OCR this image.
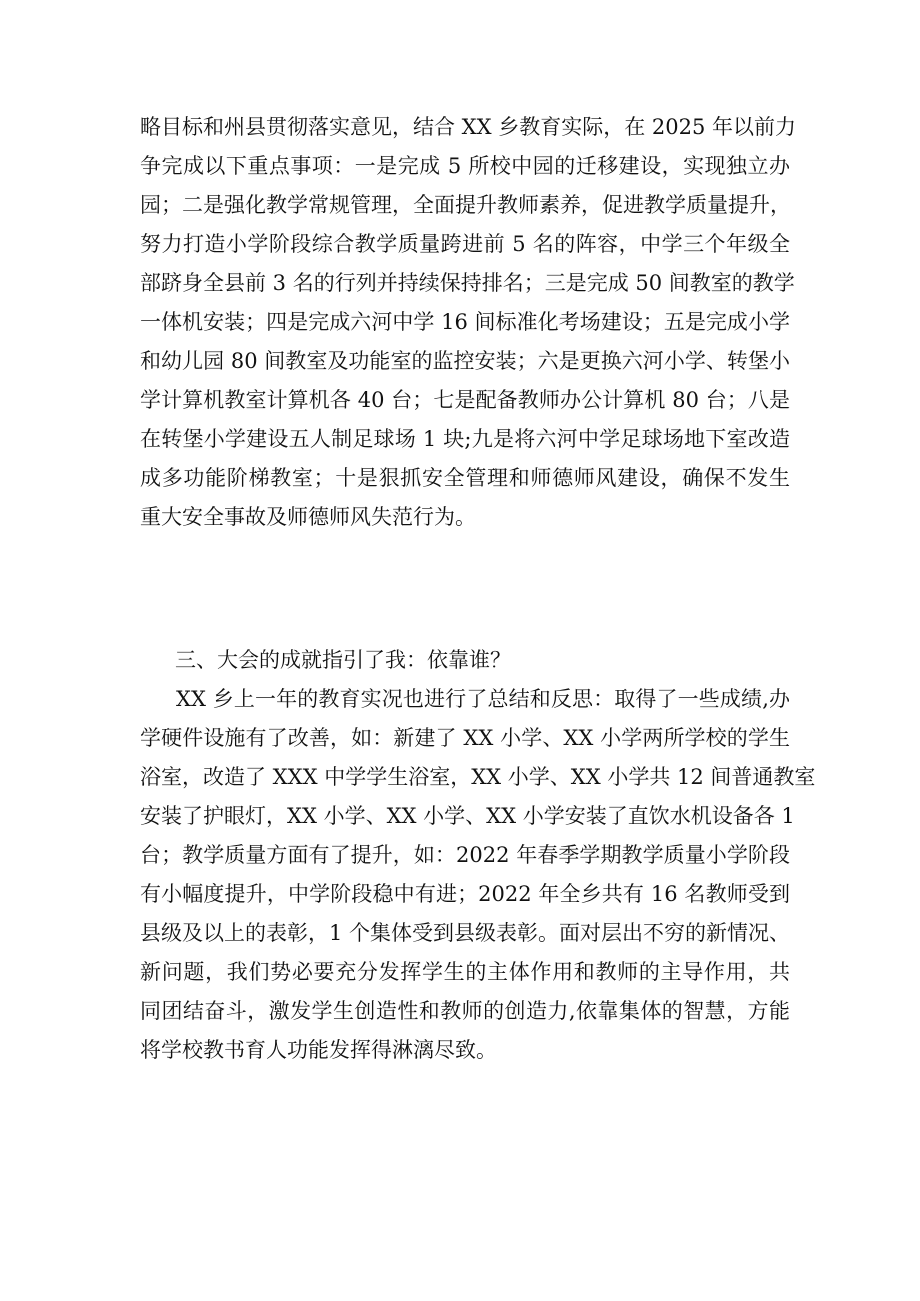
略目标和州县贯彻落实意见，结合 XX 乡教育实际，在 2025 年以前力
争完成以下重点事项：一是完成 5 所校中园的迁移建设，实现独立办
园；二是强化教学常规管理，全面提升教师素养，促进教学质量提升，
努力打造小学阶段综合教学质量跨进前 5 名的阵容，中学三个年级全
部跻身全县前 3 名的行列并持续保持排名；三是完成 50 间教室的教学
一体机安装；四是完成六河中学 16 间标准化考场建设；五是完成小学
和幼儿园 80 间教室及功能室的监控安装；六是更换六河小学、转堡小
学计算机教室计算机各 40 台；七是配备教师办公计算机 80 台；八是
在转堡小学建设五人制足球场 1 块;九是将六河中学足球场地下室改造
成多功能阶梯教室；十是狠抓安全管理和师德师风建设，确保不发生
重大安全事故及师德师风失范行为。
三、大会的成就指引了我：依靠谁？
XX 乡上一年的教育实况也进行了总结和反思：取得了一些成绩,办
学硬件设施有了改善，如：新建了 XX 小学、XX 小学两所学校的学生
浴室，改造了 XXX 中学学生浴室，XX 小学、XX 小学共 12 间普通教室
安装了护眼灯，XX 小学、XX 小学、XX 小学安装了直饮水机设备各 1
台；教学质量方面有了提升，如：2022 年春季学期教学质量小学阶段
有小幅度提升，中学阶段稳中有进；2022 年全乡共有 16 名教师受到
县级及以上的表彰，1 个集体受到县级表彰。面对层出不穷的新情况、
新问题，我们势必要充分发挥学生的主体作用和教师的主导作用，共
同团结奋斗，激发学生创造性和教师的创造力,依靠集体的智慧，方能
将学校教书育人功能发挥得淋漓尽致。
